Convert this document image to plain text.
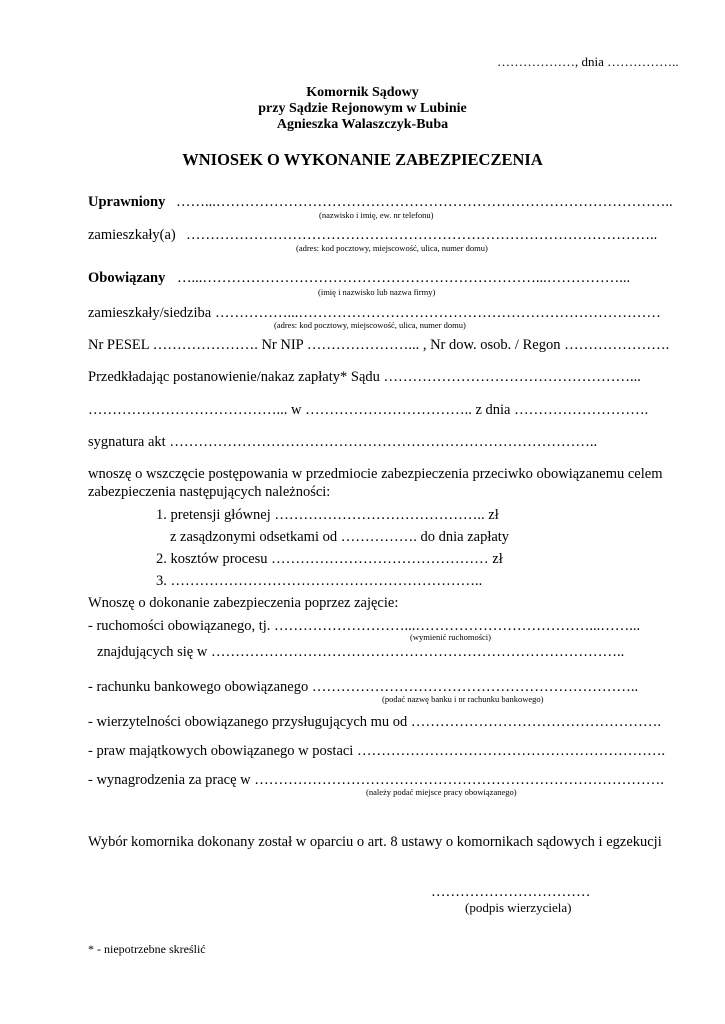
………………, dnia ……………..
Komornik Sądowy
przy Sądzie Rejonowym w Lubinie
Agnieszka Walaszczyk-Buba
WNIOSEK O WYKONANIE ZABEZPIECZENIA
Uprawniony ……...…………………………………………………………………………………..
(nazwisko i imię, ew. nr telefonu)
zamieszkały(a) ……………………………………………………………………………………..
(adres: kod pocztowy, miejscowość, ulica, numer domu)
Obowiązany …...……………………………………………………………...……………...
(imię i nazwisko lub nazwa firmy)
zamieszkały/siedziba ……………...…………………………………………………………………
(adres: kod pocztowy, miejscowość, ulica, numer domu)
Nr PESEL …………………. Nr NIP …………………... , Nr dow. osob. / Regon ………………….
Przedkładając postanowienie/nakaz zapłaty* Sądu ……………………………………………...
…………………………………... w …………………………….. z dnia ……………………….
sygnatura akt ……………………………………………………………………………..
wnoszę o wszczęcie postępowania w przedmiocie zabezpieczenia przeciwko obowiązanemu celem
zabezpieczenia następujących należności:
1. pretensji głównej …………………………………….. zł
z zasądzonymi odsetkami od ……………. do dnia zapłaty
2. kosztów procesu ……………………………………… zł
3. ………………………………………………………..
Wnoszę o dokonanie zabezpieczenia poprzez zajęcie:
- ruchomości obowiązanego, tj. ………………………...………………………………...……...
(wymienić ruchomości)
znajdujących się w …………………………………………………………………………..
- rachunku bankowego obowiązanego …………………………………………………………..
(podać nazwę banku i nr rachunku bankowego)
- wierzytelności obowiązanego przysługujących mu od …………………………………………….
- praw majątkowych obowiązanego w postaci ……………………………………………………….
- wynagrodzenia za pracę w ………………………………………………………………………….
(należy podać miejsce pracy obowiązanego)
Wybór komornika dokonany został w oparciu o art. 8 ustawy o komornikach sądowych i egzekucji
……………………………
(podpis wierzyciela)
* - niepotrzebne skreślić
